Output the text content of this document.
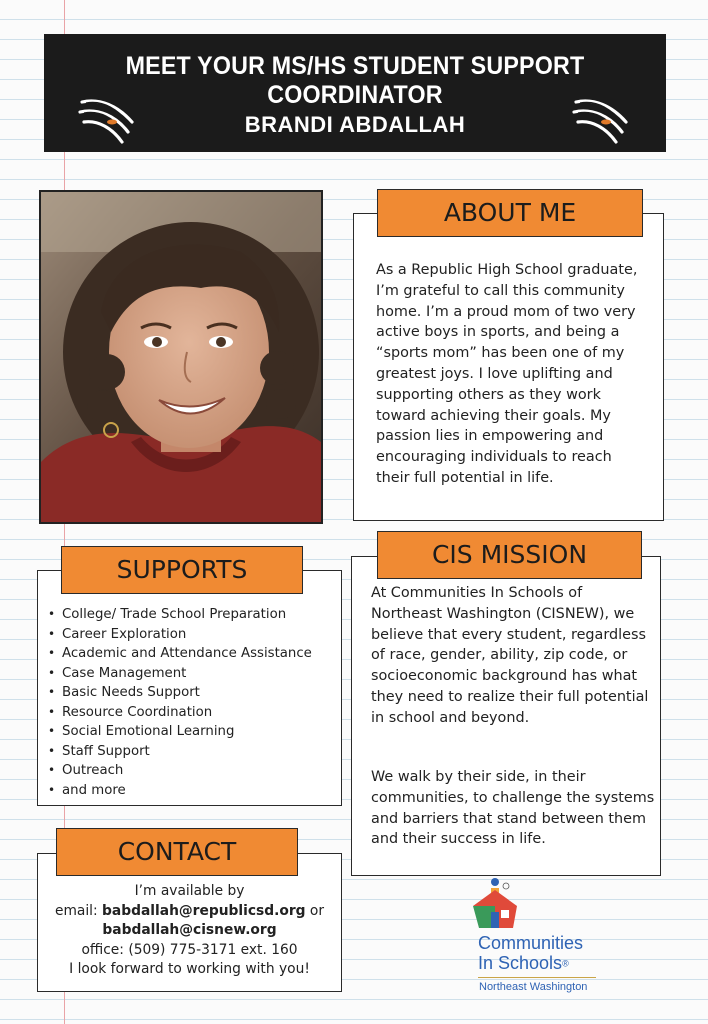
MEET YOUR MS/HS STUDENT SUPPORT COORDINATOR
BRANDI ABDALLAH
As a Republic High School graduate, I’m grateful to call this community home. I’m a proud mom of two very active boys in sports, and being a “sports mom” has been one of my greatest joys. I love uplifting and supporting others as they work toward achieving their goals. My passion lies in empowering and encouraging individuals to reach their full potential in life.
ABOUT ME
• College/ Trade School Preparation
• Career Exploration
• Academic and Attendance Assistance
• Case Management
• Basic Needs Support
• Resource Coordination
• Social Emotional Learning
• Staff Support
• Outreach
• and more
SUPPORTS
At Communities In Schools of Northeast Washington (CISNEW), we believe that every student, regardless of race, gender, ability, zip code, or socioeconomic background has what they need to realize their full potential in school and beyond.
We walk by their side, in their communities, to challenge the systems and barriers that stand between them and their success in life.
CIS MISSION
I’m available by
email: babdallah@republicsd.org or
babdallah@cisnew.org
office: (509) 775-3171 ext. 160
I look forward to working with you!
CONTACT
Communities
In Schools®
Northeast Washington
